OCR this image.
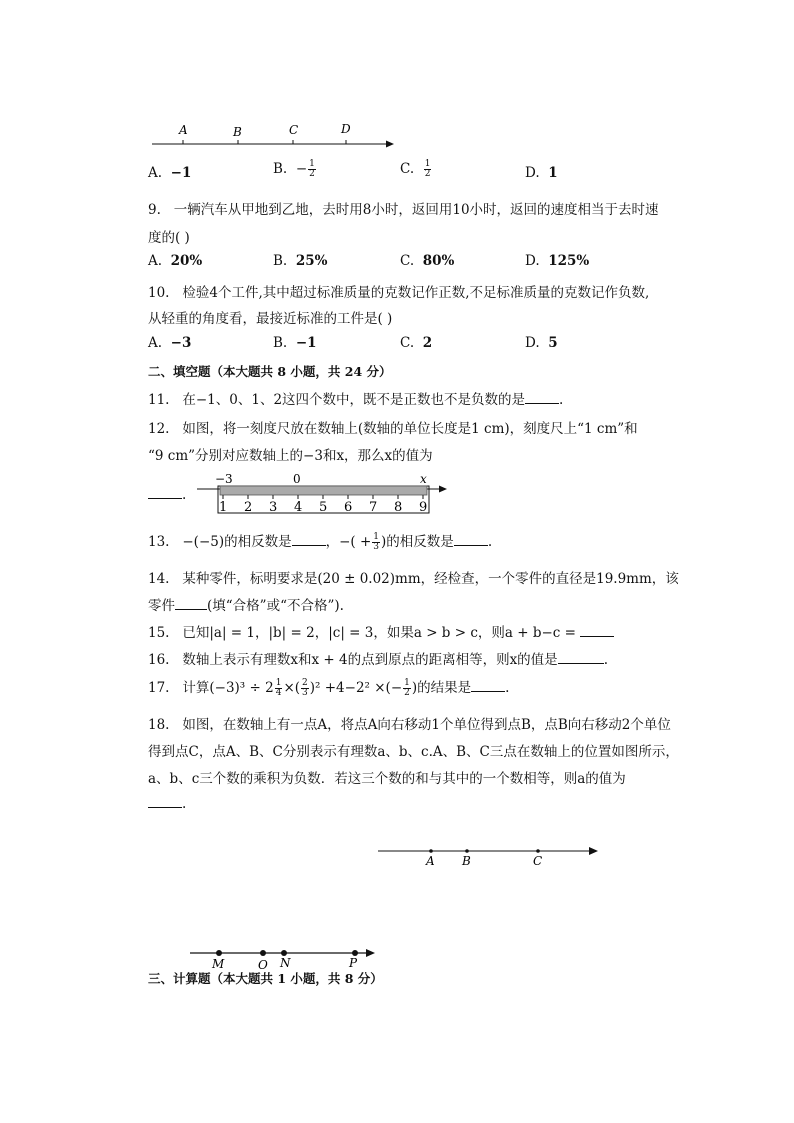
A	B	C	D
A. −1	B. − $\frac{1}{2}$	C. $\frac{1}{2}$	D. 1
9. 一辆汽车从甲地到乙地，去时用8小时，返回用10小时，返回的速度相当于去时速
度的( )
A. 20%	B. 25%	C. 80%	D. 125%
10. 检验4个工件,其中超过标准质量的克数记作正数,不足标准质量的克数记作负数,
从轻重的角度看，最接近标准的工件是( )
A. −3	B. −1	C. 2	D. 5
二、填空题（本大题共 8 小题，共 24 分）
11. 在−1、0、1、2这四个数中，既不是正数也不是负数的是	.
12. 如图，将一刻度尺放在数轴上(数轴的单位长度是1 cm)，刻度尺上“1 cm”和
“9 cm”分别对应数轴上的−3和x，那么x的值为
.
−3	0	x
1 2 3 4 5 6 7 8 9
13. −(−5)的相反数是	，−( + $\frac{1}{3}$ )的相反数是	.
14. 某种零件，标明要求是(20 ± 0.02)mm，经检查，一个零件的直径是19.9mm，该
零件 (填“合格”或“不合格”).
15. 已知|a| = 1，|b| = 2，|c| = 3，如果a > b > c，则a + b−c =
16. 数轴上表示有理数x和x + 4的点到原点的距离相等，则x的值是	.
17. 计算$(-3)^3 \div 2 \frac{1}{4}$ ×( $\frac{2}{3} )^2 +4-2^2$ ×(− $\frac{1}{2}$ )的结果是	.
18. 如图，在数轴上有一点A，将点A向右移动1个单位得到点B，点B向右移动2个单位
得到点C，点A、B、C分别表示有理数a、b、c.A、B、C三点在数轴上的位置如图所示，
a、b、c三个数的乘积为负数．若这三个数的和与其中的一个数相等，则a的值为
.
A B	C
M	O N	P
三、计算题（本大题共 1 小题，共 8 分）
